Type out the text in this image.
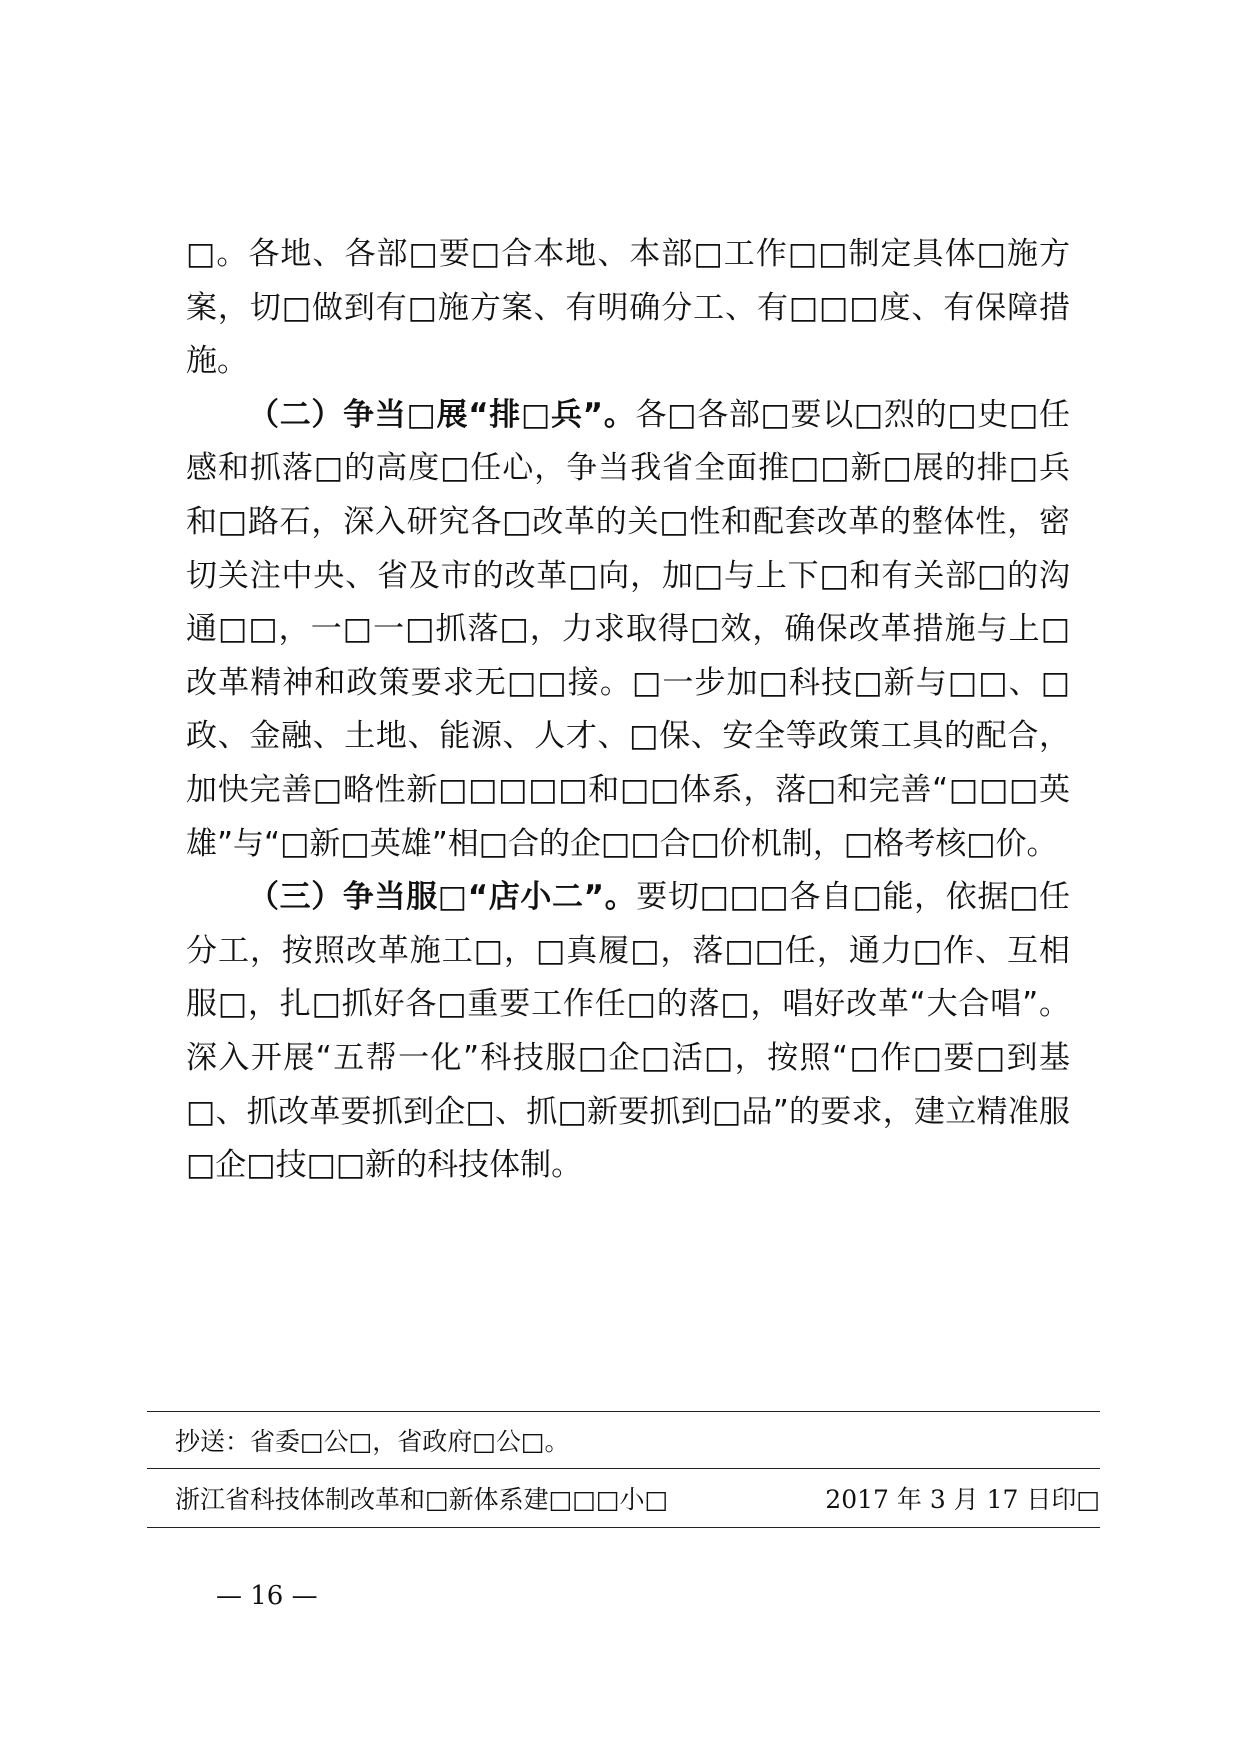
□。各地、各部□要□合本地、本部□工作□□制定具体□施方案，切□做到有□施方案、有明确分工、有□□□度、有保障措施。

（二）争当□展“排□兵”。各□各部□要以□烈的□史□任感和抓落□的高度□任心，争当我省全面推□□新□展的排□兵和□路石，深入研究各□改革的关□性和配套改革的整体性，密切关注中央、省及市的改革□向，加□与上下□和有关部□的沟通□□，一□一□抓落□，力求取得□效，确保改革措施与上□改革精神和政策要求无□□接。□一步加□科技□新与□□、□政、金融、土地、能源、人才、□保、安全等政策工具的配合，加快完善□略性新□□□□□和□□体系，落□和完善“□□□英雄”与“□新□英雄”相□合的企□□合□价机制，□格考核□价。

（三）争当服□“店小二”。要切□□□各自□能，依据□任分工，按照改革施工□，□真履□，落□□任，通力□作、互相服□，扎□抓好各□重要工作任□的落□，唱好改革“大合唱”。深入开展“五帮一化”科技服□企□活□，按照“□作□要□到基□、抓改革要抓到企□、抓□新要抓到□品”的要求，建立精准服□企□技□□新的科技体制。

抄送：省委□公□，省政府□公□。
浙江省科技体制改革和□新体系建□□□小□	2017 年 3 月 17 日印□
— 16 —
